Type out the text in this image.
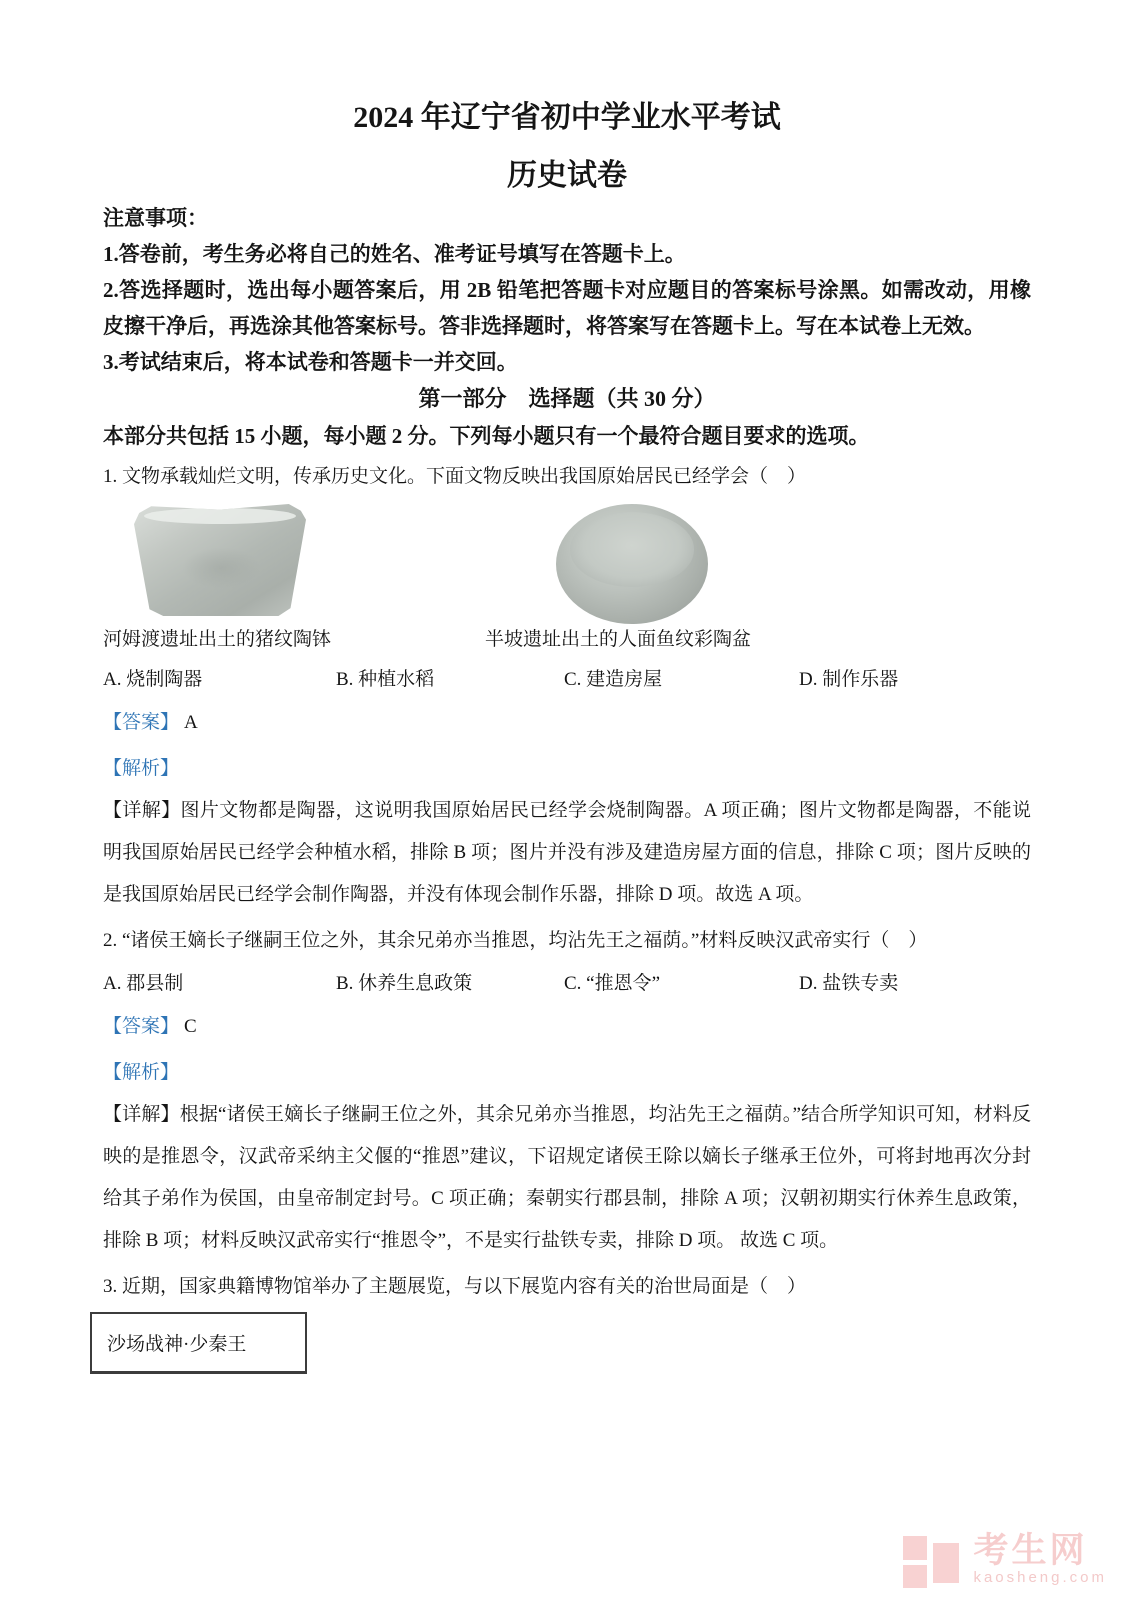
2024 年辽宁省初中学业水平考试
历史试卷

注意事项：

1.答卷前，考生务必将自己的姓名、准考证号填写在答题卡上。

2.答选择题时，选出每小题答案后，用 2B 铅笔把答题卡对应题目的答案标号涂黑。如需改动，用橡皮擦干净后，再选涂其他答案标号。答非选择题时，将答案写在答题卡上。写在本试卷上无效。

3.考试结束后，将本试卷和答题卡一并交回。

第一部分　选择题（共 30 分）

本部分共包括 15 小题，每小题 2 分。下列每小题只有一个最符合题目要求的选项。

1. 文物承载灿烂文明，传承历史文化。下面文物反映出我国原始居民已经学会（　）

河姆渡遗址出土的猪纹陶钵	半坡遗址出土的人面鱼纹彩陶盆
A. 烧制陶器	B. 种植水稻	C. 建造房屋	D. 制作乐器

【答案】 A

【解析】

【详解】图片文物都是陶器，这说明我国原始居民已经学会烧制陶器。A 项正确；图片文物都是陶器，不能说明我国原始居民已经学会种植水稻，排除 B 项；图片并没有涉及建造房屋方面的信息，排除 C 项；图片反映的是我国原始居民已经学会制作陶器，并没有体现会制作乐器，排除 D 项。故选 A 项。

2. “诸侯王嫡长子继嗣王位之外，其余兄弟亦当推恩，均沾先王之福荫。”材料反映汉武帝实行（　）

A. 郡县制	B. 休养生息政策	C. “推恩令”	D. 盐铁专卖

【答案】 C

【解析】

【详解】根据“诸侯王嫡长子继嗣王位之外，其余兄弟亦当推恩，均沾先王之福荫。”结合所学知识可知，材料反映的是推恩令，汉武帝采纳主父偃的“推恩”建议，下诏规定诸侯王除以嫡长子继承王位外，可将封地再次分封给其子弟作为侯国，由皇帝制定封号。C 项正确；秦朝实行郡县制，排除 A 项；汉朝初期实行休养生息政策，排除 B 项；材料反映汉武帝实行“推恩令”，不是实行盐铁专卖，排除 D 项。 故选 C 项。

3. 近期，国家典籍博物馆举办了主题展览，与以下展览内容有关的治世局面是（　）

沙场战神·少秦王
考生网
kaosheng.com
